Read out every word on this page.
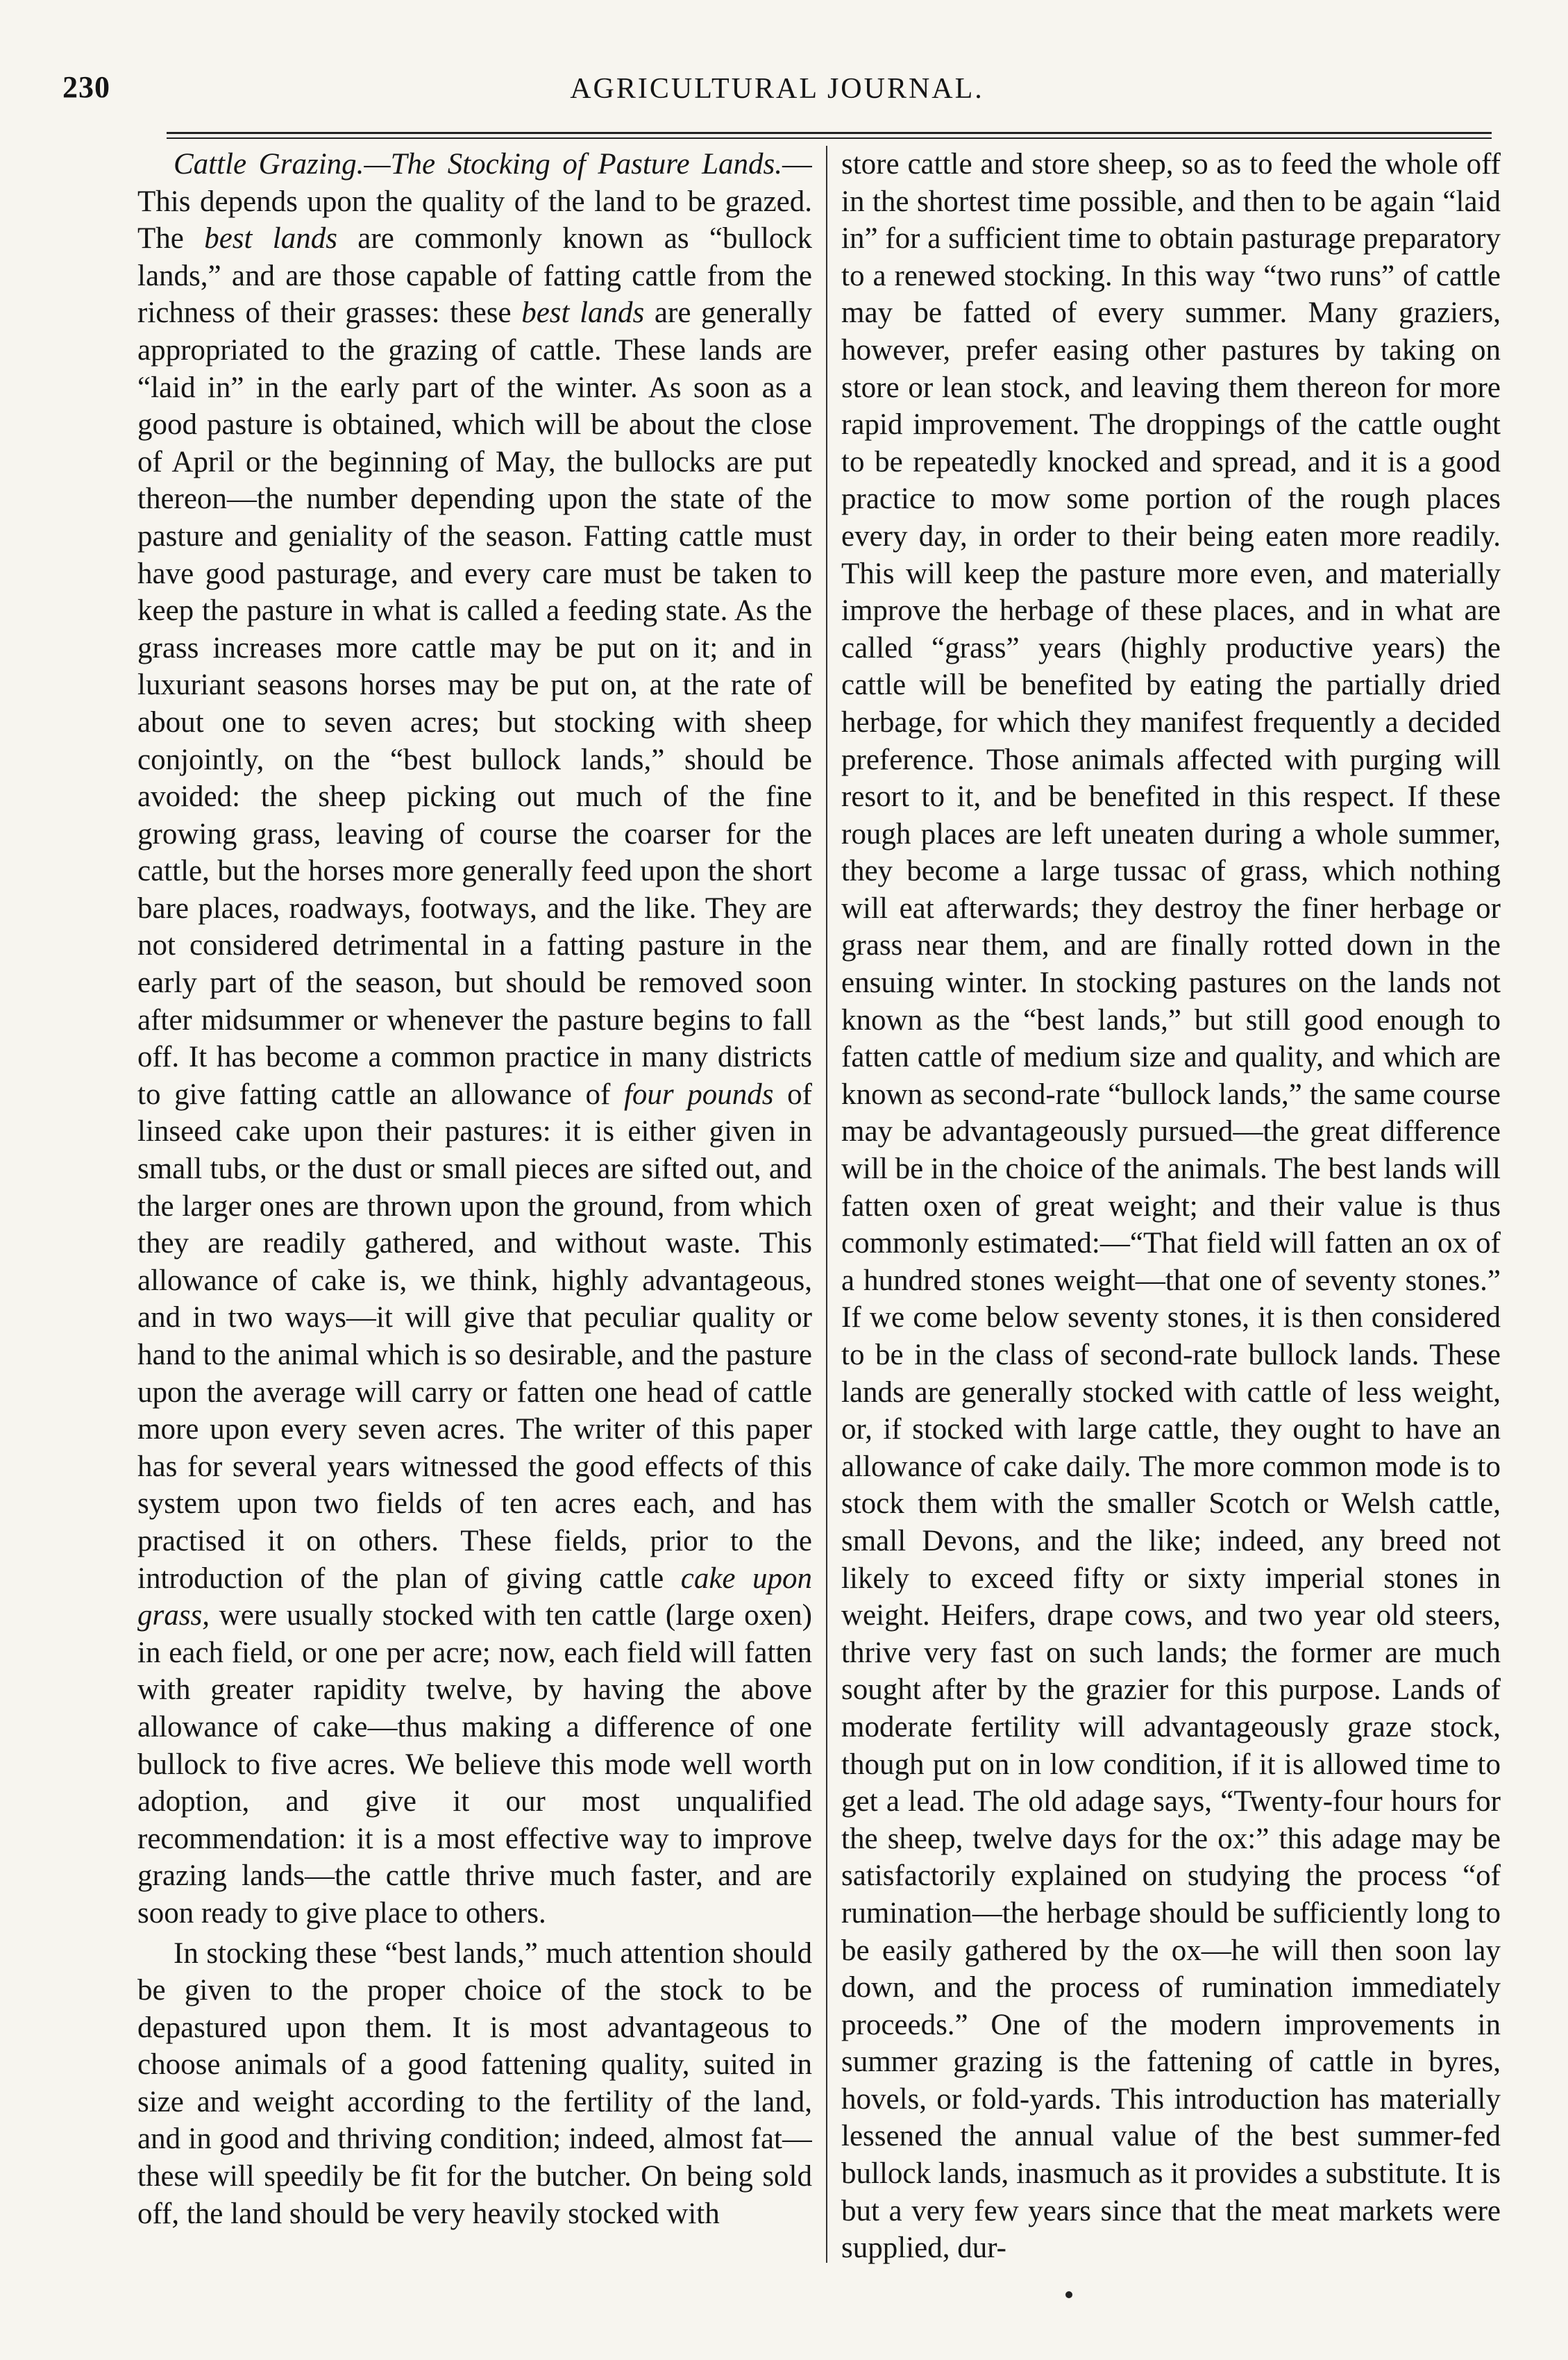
230	AGRICULTURAL JOURNAL.

Cattle Grazing.—The Stocking of Pasture Lands.—This depends upon the quality of the land to be grazed. The best lands are commonly known as “bullock lands,” and are those capable of fatting cattle from the richness of their grasses: these best lands are generally appropriated to the grazing of cattle. These lands are “laid in” in the early part of the winter. As soon as a good pasture is obtained, which will be about the close of April or the beginning of May, the bullocks are put thereon—the number depending upon the state of the pasture and geniality of the season. Fatting cattle must have good pasturage, and every care must be taken to keep the pasture in what is called a feeding state. As the grass increases more cattle may be put on it; and in luxuriant seasons horses may be put on, at the rate of about one to seven acres; but stocking with sheep conjointly, on the “best bullock lands,” should be avoided: the sheep picking out much of the fine growing grass, leaving of course the coarser for the cattle, but the horses more generally feed upon the short bare places, roadways, footways, and the like. They are not considered detrimental in a fatting pasture in the early part of the season, but should be removed soon after midsummer or whenever the pasture begins to fall off. It has become a common practice in many districts to give fatting cattle an allowance of four pounds of linseed cake upon their pastures: it is either given in small tubs, or the dust or small pieces are sifted out, and the larger ones are thrown upon the ground, from which they are readily gathered, and without waste. This allowance of cake is, we think, highly advantageous, and in two ways—it will give that peculiar quality or hand to the animal which is so desirable, and the pasture upon the average will carry or fatten one head of cattle more upon every seven acres. The writer of this paper has for several years witnessed the good effects of this system upon two fields of ten acres each, and has practised it on others. These fields, prior to the introduction of the plan of giving cattle cake upon grass, were usually stocked with ten cattle (large oxen) in each field, or one per acre; now, each field will fatten with greater rapidity twelve, by having the above allowance of cake—thus making a difference of one bullock to five acres. We believe this mode well worth adoption, and give it our most unqualified recommendation: it is a most effective way to improve grazing lands—the cattle thrive much faster, and are soon ready to give place to others.

In stocking these “best lands,” much attention should be given to the proper choice of the stock to be depastured upon them. It is most advantageous to choose animals of a good fattening quality, suited in size and weight according to the fertility of the land, and in good and thriving condition; indeed, almost fat—these will speedily be fit for the butcher. On being sold off, the land should be very heavily stocked with

store cattle and store sheep, so as to feed the whole off in the shortest time possible, and then to be again “laid in” for a sufficient time to obtain pasturage preparatory to a renewed stocking. In this way “two runs” of cattle may be fatted of every summer. Many graziers, however, prefer easing other pastures by taking on store or lean stock, and leaving them thereon for more rapid improvement. The droppings of the cattle ought to be repeatedly knocked and spread, and it is a good practice to mow some portion of the rough places every day, in order to their being eaten more readily. This will keep the pasture more even, and materially improve the herbage of these places, and in what are called “grass” years (highly productive years) the cattle will be benefited by eating the partially dried herbage, for which they manifest frequently a decided preference. Those animals affected with purging will resort to it, and be benefited in this respect. If these rough places are left uneaten during a whole summer, they become a large tussac of grass, which nothing will eat afterwards; they destroy the finer herbage or grass near them, and are finally rotted down in the ensuing winter. In stocking pastures on the lands not known as the “best lands,” but still good enough to fatten cattle of medium size and quality, and which are known as second-rate “bullock lands,” the same course may be advantageously pursued—the great difference will be in the choice of the animals. The best lands will fatten oxen of great weight; and their value is thus commonly estimated:—“That field will fatten an ox of a hundred stones weight—that one of seventy stones.” If we come below seventy stones, it is then considered to be in the class of second-rate bullock lands. These lands are generally stocked with cattle of less weight, or, if stocked with large cattle, they ought to have an allowance of cake daily. The more common mode is to stock them with the smaller Scotch or Welsh cattle, small Devons, and the like; indeed, any breed not likely to exceed fifty or sixty imperial stones in weight. Heifers, drape cows, and two year old steers, thrive very fast on such lands; the former are much sought after by the grazier for this purpose. Lands of moderate fertility will advantageously graze stock, though put on in low condition, if it is allowed time to get a lead. The old adage says, “Twenty-four hours for the sheep, twelve days for the ox:” this adage may be satisfactorily explained on studying the process “of rumination—the herbage should be sufficiently long to be easily gathered by the ox—he will then soon lay down, and the process of rumination immediately proceeds.” One of the modern improvements in summer grazing is the fattening of cattle in byres, hovels, or fold-yards. This introduction has materially lessened the annual value of the best summer-fed bullock lands, inasmuch as it provides a substitute. It is but a very few years since that the meat markets were supplied, dur-
